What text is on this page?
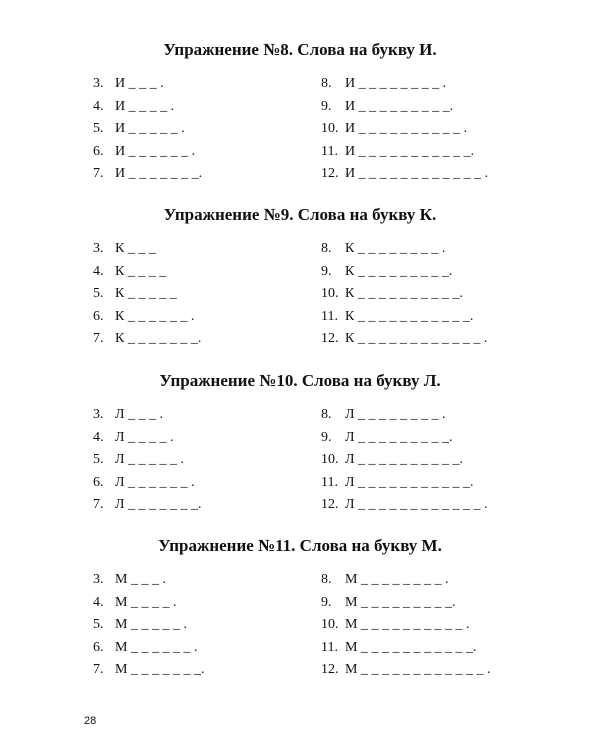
Упражнение №8. Слова на букву И.
3. И _ _ _ .
4. И _ _ _ _ .
5. И _ _ _ _ _ .
6. И _ _ _ _ _ _ .
7. И _ _ _ _ _ _ _.
8. И _ _ _ _ _ _ _ _ .
9. И _ _ _ _ _ _ _ _ _.
10. И _ _ _ _ _ _ _ _ _ _ .
11. И _ _ _ _ _ _ _ _ _ _ _.
12. И _ _ _ _ _ _ _ _ _ _ _ _ .
Упражнение №9. Слова на букву К.
3. К _ _ _
4. К _ _ _ _
5. К _ _ _ _ _
6. К _ _ _ _ _ _ .
7. К _ _ _ _ _ _ _.
8. К _ _ _ _ _ _ _ _ .
9. К _ _ _ _ _ _ _ _ _.
10. К _ _ _ _ _ _ _ _ _ _.
11. К _ _ _ _ _ _ _ _ _ _ _.
12. К _ _ _ _ _ _ _ _ _ _ _ _ .
Упражнение №10. Слова на букву Л.
3. Л _ _ _ .
4. Л _ _ _ _ .
5. Л _ _ _ _ _ .
6. Л _ _ _ _ _ _ .
7. Л _ _ _ _ _ _ _.
8. Л _ _ _ _ _ _ _ _ .
9. Л _ _ _ _ _ _ _ _ _.
10. Л _ _ _ _ _ _ _ _ _ _.
11. Л _ _ _ _ _ _ _ _ _ _ _.
12. Л _ _ _ _ _ _ _ _ _ _ _ _ .
Упражнение №11. Слова на букву М.
3. М _ _ _ .
4. М _ _ _ _ .
5. М _ _ _ _ _ .
6. М _ _ _ _ _ _ .
7. М _ _ _ _ _ _ _.
8. М _ _ _ _ _ _ _ _ .
9. М _ _ _ _ _ _ _ _ _.
10. М _ _ _ _ _ _ _ _ _ _ .
11. М _ _ _ _ _ _ _ _ _ _ _.
12. М _ _ _ _ _ _ _ _ _ _ _ _ .
28
